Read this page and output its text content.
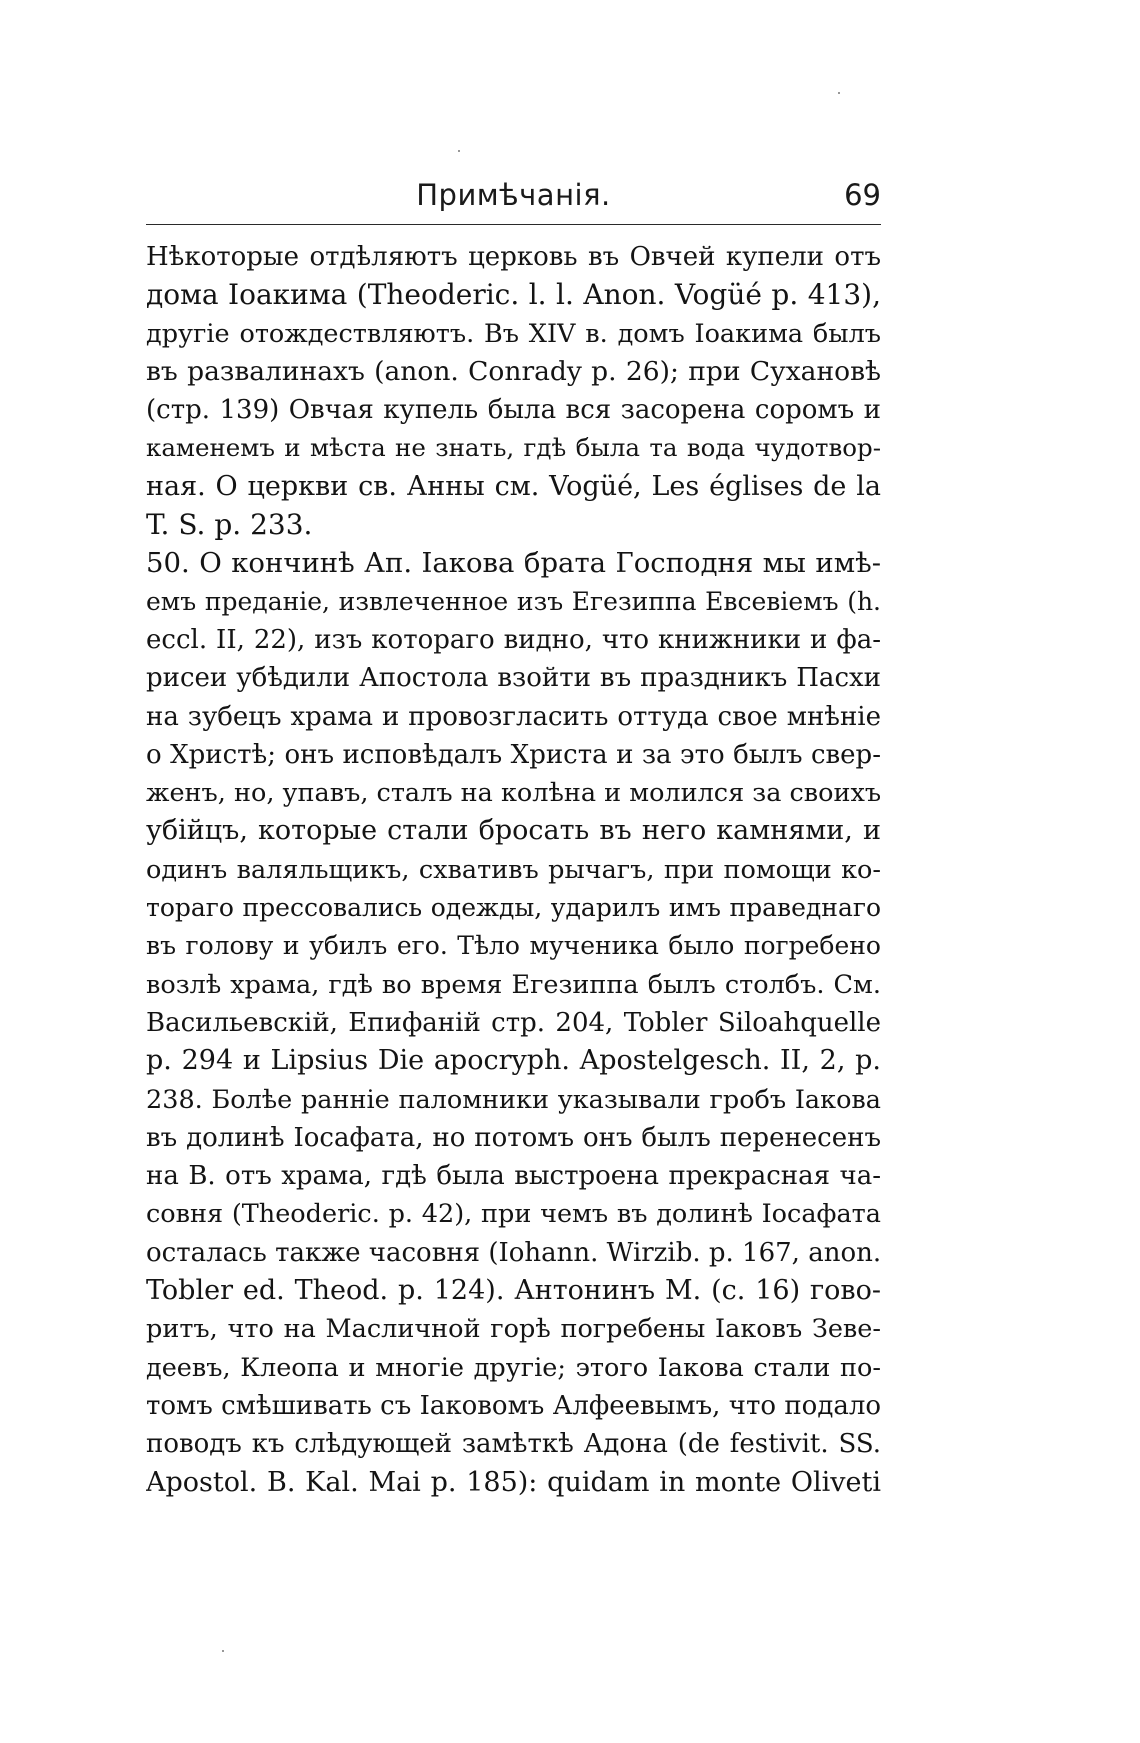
Примѣчанія.	69
Нѣкоторые отдѣляютъ церковь въ Овчей купели отъ
дома Іоакима (Theoderic. l. l. Anon. Vogüé p. 413),
другіе отождествляютъ. Въ XIV в. домъ Іоакима былъ
въ развалинахъ (anon. Conrady p. 26); при Сухановѣ
(стр. 139) Овчая купель была вся засорена соромъ и
каменемъ и мѣста не знать, гдѣ была та вода чудотвор-
ная. О церкви св. Анны см. Vogüé, Les églises de la
T. S. p. 233.
50. О кончинѣ Ап. Іакова брата Господня мы имѣ-
емъ преданіе, извлеченное изъ Егезиппа Евсевіемъ (h.
eccl. II, 22), изъ котораго видно, что книжники и фа-
рисеи убѣдили Апостола взойти въ праздникъ Пасхи
на зубецъ храма и провозгласить оттуда свое мнѣніе
о Христѣ; онъ исповѣдалъ Христа и за это былъ свер-
женъ, но, упавъ, сталъ на колѣна и молился за своихъ
убійцъ, которые стали бросать въ него камнями, и
одинъ валяльщикъ, схвативъ рычагъ, при помощи ко-
тораго прессовались одежды, ударилъ имъ праведнаго
въ голову и убилъ его. Тѣло мученика было погребено
возлѣ храма, гдѣ во время Егезиппа былъ столбъ. См.
Васильевскій, Епифаній стр. 204, Tobler Siloahquelle
p. 294 и Lipsius Die apocryph. Apostelgesch. II, 2, p.
238. Болѣе ранніе паломники указывали гробъ Іакова
въ долинѣ Іосафата, но потомъ онъ былъ перенесенъ
на В. отъ храма, гдѣ была выстроена прекрасная ча-
совня (Theoderic. p. 42), при чемъ въ долинѣ Іосафата
осталась также часовня (Iohann. Wirzib. p. 167, anon.
Tobler ed. Theod. p. 124). Антонинъ М. (с. 16) гово-
ритъ, что на Масличной горѣ погребены Іаковъ Зеве-
деевъ, Клеопа и многіе другіе; этого Іакова стали по-
томъ смѣшивать съ Іаковомъ Алфеевымъ, что подало
поводъ къ слѣдующей замѣткѣ Адона (de festivit. SS.
Apostol. B. Kal. Mai p. 185): quidam in monte Oliveti
